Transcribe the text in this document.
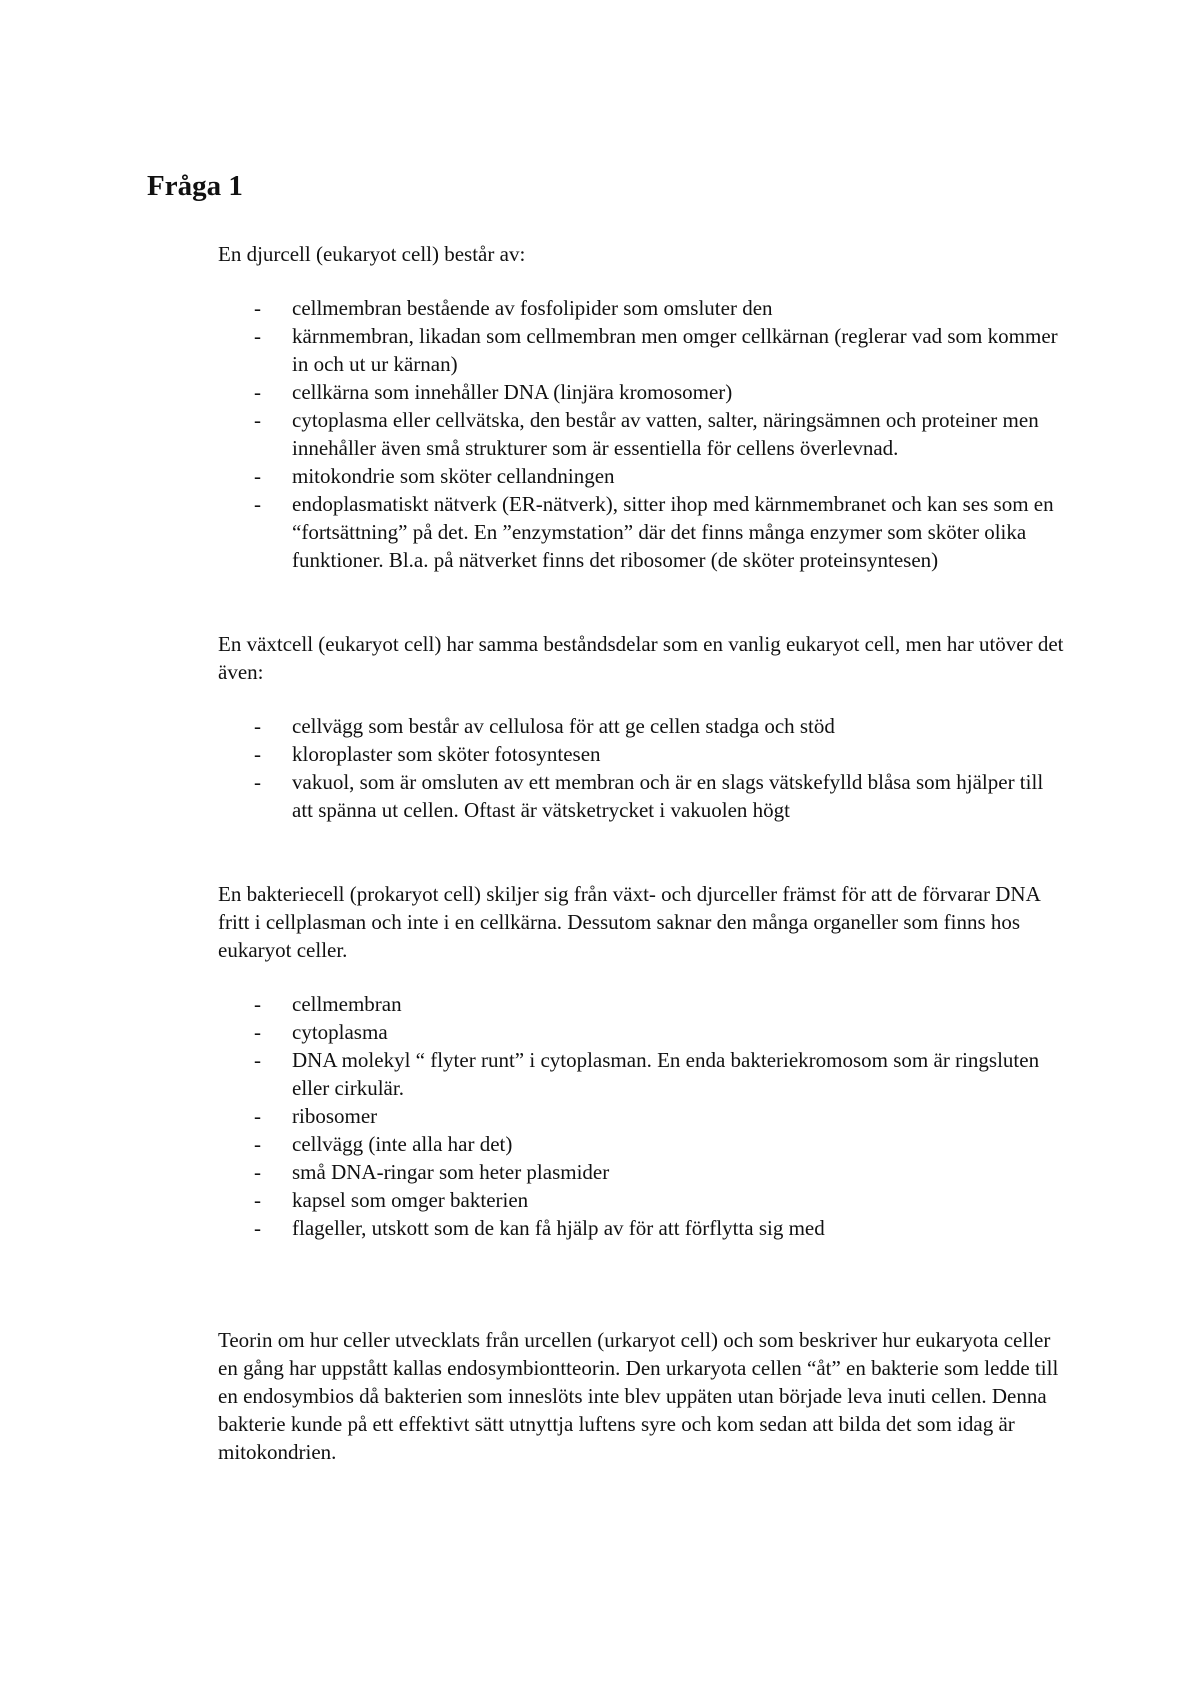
Fråga 1

En djurcell (eukaryot cell) består av:

- cellmembran bestående av fosfolipider som omsluter den
- kärnmembran, likadan som cellmembran men omger cellkärnan (reglerar vad som kommer in och ut ur kärnan)
- cellkärna som innehåller DNA (linjära kromosomer)
- cytoplasma eller cellvätska, den består av vatten, salter, näringsämnen och proteiner men innehåller även små strukturer som är essentiella för cellens överlevnad.
- mitokondrie som sköter cellandningen
- endoplasmatiskt nätverk (ER-nätverk), sitter ihop med kärnmembranet och kan ses som en “fortsättning” på det. En ”enzymstation” där det finns många enzymer som sköter olika funktioner. Bl.a. på nätverket finns det ribosomer (de sköter proteinsyntesen)

En växtcell (eukaryot cell) har samma beståndsdelar som en vanlig eukaryot cell, men har utöver det även:

- cellvägg som består av cellulosa för att ge cellen stadga och stöd
- kloroplaster som sköter fotosyntesen
- vakuol, som är omsluten av ett membran och är en slags vätskefylld blåsa som hjälper till att spänna ut cellen. Oftast är vätsketrycket i vakuolen högt

En bakteriecell (prokaryot cell) skiljer sig från växt- och djurceller främst för att de förvarar DNA fritt i cellplasman och inte i en cellkärna. Dessutom saknar den många organeller som finns hos eukaryot celler.

- cellmembran
- cytoplasma
- DNA molekyl “ flyter runt” i cytoplasman. En enda bakteriekromosom som är ringsluten eller cirkulär.
- ribosomer
- cellvägg (inte alla har det)
- små DNA-ringar som heter plasmider
- kapsel som omger bakterien
- flageller, utskott som de kan få hjälp av för att förflytta sig med

Teorin om hur celler utvecklats från urcellen (urkaryot cell) och som beskriver hur eukaryota celler en gång har uppstått kallas endosymbiontteorin. Den urkaryota cellen “åt” en bakterie som ledde till en endosymbios då bakterien som inneslöts inte blev uppäten utan började leva inuti cellen. Denna bakterie kunde på ett effektivt sätt utnyttja luftens syre och kom sedan att bilda det som idag är mitokondrien.
